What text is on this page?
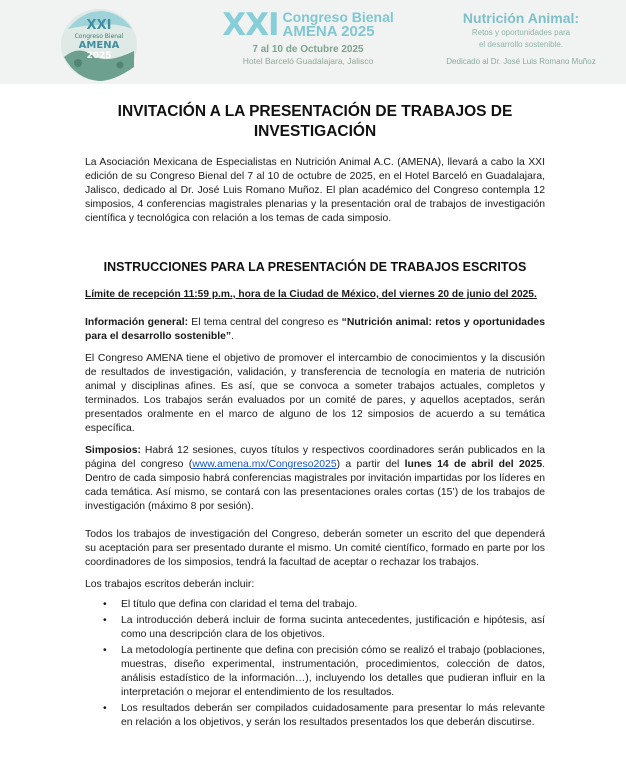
XXI
Congreso Bienal
AMENA
2025
XXI Congreso Bienal
AMENA 2025
7 al 10 de Octubre 2025
Hotel Barceló Guadalajara, Jalisco
Nutrición Animal:
Retos y oportunidades para
el desarrollo sostenible.
Dedicado al Dr. José Luis Romano Muñoz
INVITACIÓN A LA PRESENTACIÓN DE TRABAJOS DE
INVESTIGACIÓN

La Asociación Mexicana de Especialistas en Nutrición Animal A.C. (AMENA), llevará a cabo la XXI edición de su Congreso Bienal del 7 al 10 de octubre de 2025, en el Hotel Barceló en Guadalajara, Jalisco, dedicado al Dr. José Luis Romano Muñoz. El plan académico del Congreso contempla 12 simposios, 4 conferencias magistrales plenarias y la presentación oral de trabajos de investigación científica y tecnológica con relación a los temas de cada simposio.

INSTRUCCIONES PARA LA PRESENTACIÓN DE TRABAJOS ESCRITOS

Límite de recepción 11:59 p.m., hora de la Ciudad de México, del viernes 20 de junio del 2025.

Información general: El tema central del congreso es “Nutrición animal: retos y oportunidades para el desarrollo sostenible”.

El Congreso AMENA tiene el objetivo de promover el intercambio de conocimientos y la discusión de resultados de investigación, validación, y transferencia de tecnología en materia de nutrición animal y disciplinas afines. Es así, que se convoca a someter trabajos actuales, completos y terminados. Los trabajos serán evaluados por un comité de pares, y aquellos aceptados, serán presentados oralmente en el marco de alguno de los 12 simposios de acuerdo a su temática específica.

Simposios: Habrá 12 sesiones, cuyos títulos y respectivos coordinadores serán publicados en la página del congreso (www.amena.mx/Congreso2025) a partir del lunes 14 de abril del 2025. Dentro de cada simposio habrá conferencias magistrales por invitación impartidas por los líderes en cada temática. Así mismo, se contará con las presentaciones orales cortas (15’) de los trabajos de investigación (máximo 8 por sesión).

Todos los trabajos de investigación del Congreso, deberán someter un escrito del que dependerá su aceptación para ser presentado durante el mismo. Un comité científico, formado en parte por los coordinadores de los simposios, tendrá la facultad de aceptar o rechazar los trabajos.

Los trabajos escritos deberán incluir:

• El título que defina con claridad el tema del trabajo.
• La introducción deberá incluir de forma sucinta antecedentes, justificación e hipótesis, así como una descripción clara de los objetivos.
• La metodología pertinente que defina con precisión cómo se realizó el trabajo (poblaciones, muestras, diseño experimental, instrumentación, procedimientos, colección de datos, análisis estadístico de la información…), incluyendo los detalles que pudieran influir en la interpretación o mejorar el entendimiento de los resultados.
• Los resultados deberán ser compilados cuidadosamente para presentar lo más relevante en relación a los objetivos, y serán los resultados presentados los que deberán discutirse.
